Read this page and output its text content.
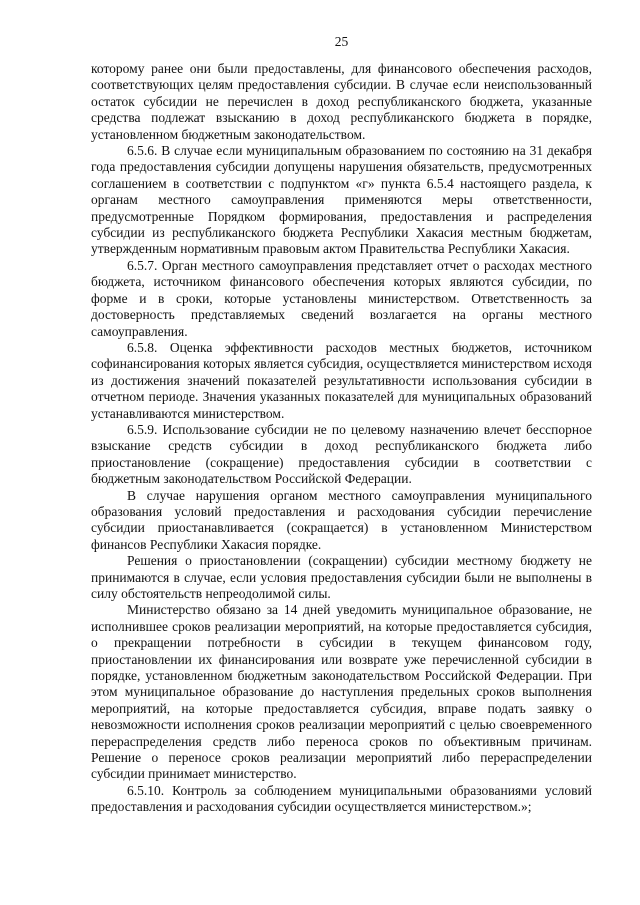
25

которому ранее они были предоставлены, для финансового обеспечения расходов, соответствующих целям предоставления субсидии. В случае если неиспользованный остаток субсидии не перечислен в доход республиканского бюджета, указанные средства подлежат взысканию в доход республиканского бюджета в порядке, установленном бюджетным законодательством.

6.5.6. В случае если муниципальным образованием по состоянию на 31 декабря года предоставления субсидии допущены нарушения обязательств, предусмотренных соглашением в соответствии с подпунктом «г» пункта 6.5.4 настоящего раздела, к органам местного самоуправления применяются меры ответственности, предусмотренные Порядком формирования, предоставления и распределения субсидии из республиканского бюджета Республики Хакасия местным бюджетам, утвержденным нормативным правовым актом Правительства Республики Хакасия.

6.5.7. Орган местного самоуправления представляет отчет о расходах местного бюджета, источником финансового обеспечения которых являются субсидии, по форме и в сроки, которые установлены министерством. Ответственность за достоверность представляемых сведений возлагается на органы местного самоуправления.

6.5.8. Оценка эффективности расходов местных бюджетов, источником софинансирования которых является субсидия, осуществляется министерством исходя из достижения значений показателей результативности использования субсидии в отчетном периоде. Значения указанных показателей для муниципальных образований устанавливаются министерством.

6.5.9. Использование субсидии не по целевому назначению влечет бесспорное взыскание средств субсидии в доход республиканского бюджета либо приостановление (сокращение) предоставления субсидии в соответствии с бюджетным законодательством Российской Федерации.

В случае нарушения органом местного самоуправления муниципального образования условий предоставления и расходования субсидии перечисление субсидии приостанавливается (сокращается) в установленном Министерством финансов Республики Хакасия порядке.

Решения о приостановлении (сокращении) субсидии местному бюджету не принимаются в случае, если условия предоставления субсидии были не выполнены в силу обстоятельств непреодолимой силы.

Министерство обязано за 14 дней уведомить муниципальное образование, не исполнившее сроков реализации мероприятий, на которые предоставляется субсидия, о прекращении потребности в субсидии в текущем финансовом году, приостановлении их финансирования или возврате уже перечисленной субсидии в порядке, установленном бюджетным законодательством Российской Федерации. При этом муниципальное образование до наступления предельных сроков выполнения мероприятий, на которые предоставляется субсидия, вправе подать заявку о невозможности исполнения сроков реализации мероприятий с целью своевременного перераспределения средств либо переноса сроков по объективным причинам. Решение о переносе сроков реализации мероприятий либо перераспределении субсидии принимает министерство.

6.5.10. Контроль за соблюдением муниципальными образованиями условий предоставления и расходования субсидии осуществляется министерством.»;
